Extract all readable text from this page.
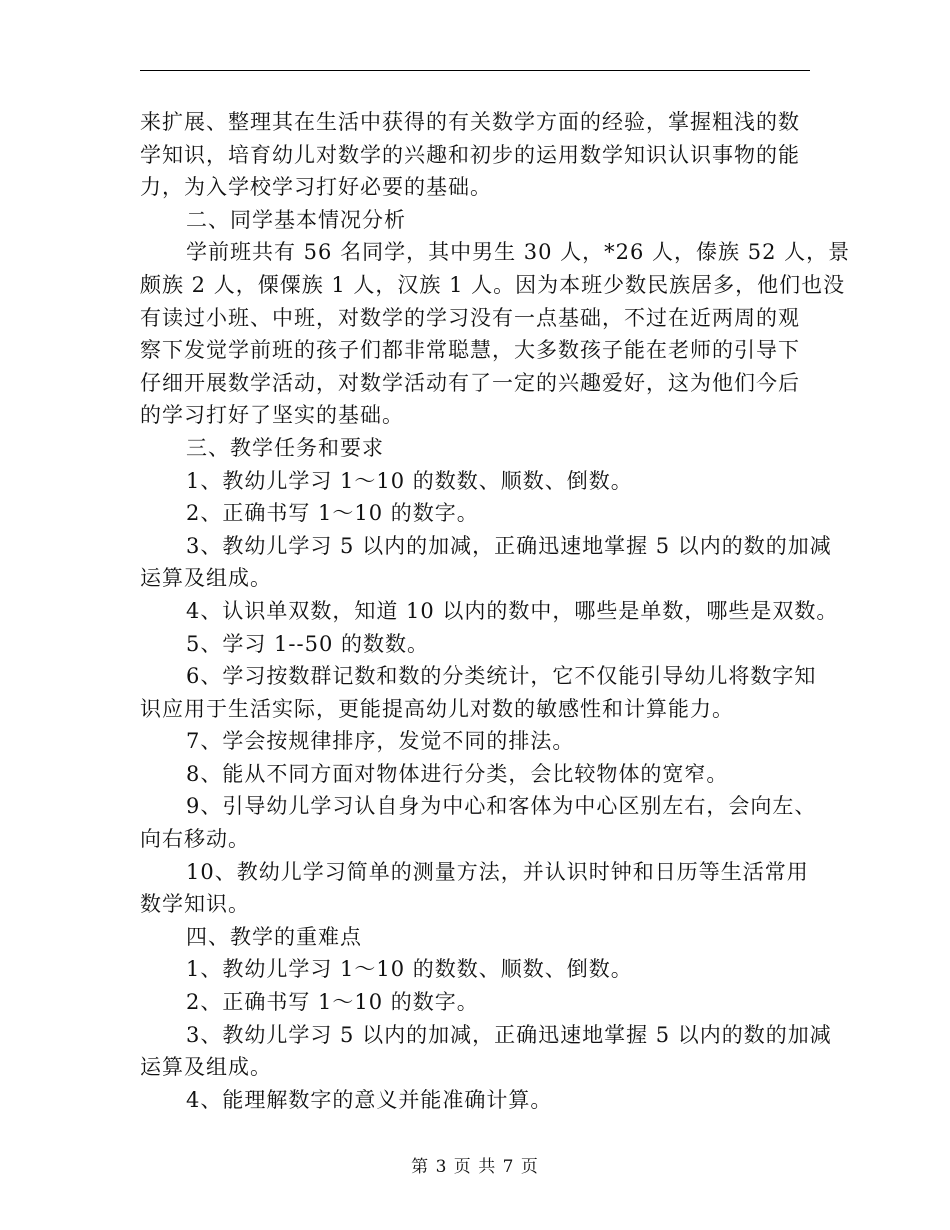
来扩展、整理其在生活中获得的有关数学方面的经验，掌握粗浅的数

学知识，培育幼儿对数学的兴趣和初步的运用数学知识认识事物的能

力，为入学校学习打好必要的基础。

二、同学基本情况分析

学前班共有 56 名同学，其中男生 30 人，*26 人，傣族 52 人，景

颇族 2 人，傈僳族 1 人，汉族 1 人。因为本班少数民族居多，他们也没

有读过小班、中班，对数学的学习没有一点基础，不过在近两周的观

察下发觉学前班的孩子们都非常聪慧，大多数孩子能在老师的引导下

仔细开展数学活动，对数学活动有了一定的兴趣爱好，这为他们今后

的学习打好了坚实的基础。

三、教学任务和要求

1、教幼儿学习 1～10 的数数、顺数、倒数。

2、正确书写 1～10 的数字。

3、教幼儿学习 5 以内的加减，正确迅速地掌握 5 以内的数的加减

运算及组成。

4、认识单双数，知道 10 以内的数中，哪些是单数，哪些是双数。

5、学习 1--50 的数数。

6、学习按数群记数和数的分类统计，它不仅能引导幼儿将数字知

识应用于生活实际，更能提高幼儿对数的敏感性和计算能力。

7、学会按规律排序，发觉不同的排法。

8、能从不同方面对物体进行分类，会比较物体的宽窄。

9、引导幼儿学习认自身为中心和客体为中心区别左右，会向左、

向右移动。

10、教幼儿学习简单的测量方法，并认识时钟和日历等生活常用

数学知识。

四、教学的重难点

1、教幼儿学习 1～10 的数数、顺数、倒数。

2、正确书写 1～10 的数字。

3、教幼儿学习 5 以内的加减，正确迅速地掌握 5 以内的数的加减

运算及组成。

4、能理解数字的意义并能准确计算。

第 3 页 共 7 页
